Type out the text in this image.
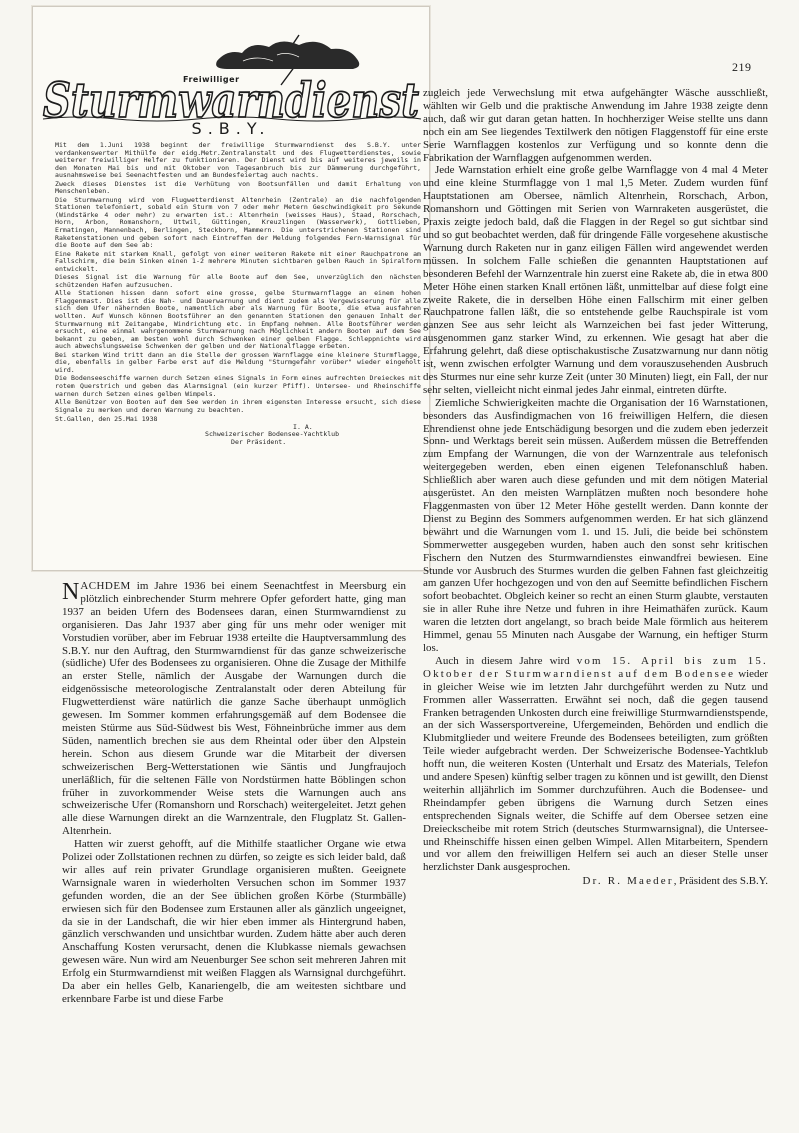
219
Sturmwarndienst
Freiwilliger
S.B.Y.

Mit dem 1.Juni 1938 beginnt der freiwillige Sturmwarndienst des S.B.Y. unter verdankenswerter Mithülfe der eidg.Metr.Zentralanstalt und des Flugwetterdienstes, sowie weiterer freiwilliger Helfer zu funktionieren. Der Dienst wird bis auf weiteres jeweils in den Monaten Mai bis und mit Oktober von Tagesanbruch bis zur Dämmerung durchgeführt, ausnahmsweise bei Seenachtfesten und am Bundesfeiertag auch nachts.

Zweck dieses Dienstes ist die Verhütung von Bootsunfällen und damit Erhaltung von Menschenleben.

Die Sturmwarnung wird vom Flugwetterdienst Altenrhein (Zentrale) an die nachfolgenden Stationen telefoniert, sobald ein Sturm von 7 oder mehr Metern Geschwindigkeit pro Sekunde (Windstärke 4 oder mehr) zu erwarten ist.: Altenrhein (weisses Haus), Staad, Rorschach, Horn, Arbon, Romanshorn, Uttwil, Güttingen, Kreuzlingen (Wasserwerk), Gottlieben, Ermatingen, Mannenbach, Berlingen, Steckborn, Mammern. Die unterstrichenen Stationen sind Raketenstationen und geben sofort nach Eintreffen der Meldung folgendes Fern-Warnsignal für die Boote auf dem See ab:

Eine Rakete mit starkem Knall, gefolgt von einer weiteren Rakete mit einer Rauchpatrone am Fallschirm, die beim Sinken einen 1-2 mehrere Minuten sichtbaren gelben Rauch in Spiralform entwickelt.

Dieses Signal ist die Warnung für alle Boote auf dem See, unverzüglich den nächsten schützenden Hafen aufzusuchen.

Alle Stationen hissen dann sofort eine grosse, gelbe Sturmwarnflagge an einem hohen Flaggenmast. Dies ist die Nah- und Dauerwarnung und dient zudem als Vergewisserung für alle sich dem Ufer nähernden Boote, namentlich aber als Warnung für Boote, die etwa ausfahren wollten. Auf Wunsch können Bootsführer an den genannten Stationen den genauen Inhalt der Sturmwarnung mit Zeitangabe, Windrichtung etc. in Empfang nehmen. Alle Bootsführer werden ersucht, eine einmal wahrgenommene Sturmwarnung nach Möglichkeit andern Booten auf dem See bekannt zu geben, am besten wohl durch Schwenken einer gelben Flagge. Schleppnichte wird auch abwechslungsweise Schwenken der gelben und der Nationalflagge erbeten.

Bei starkem Wind tritt dann an die Stelle der grossen Warnflagge eine kleinere Sturmflagge, die, ebenfalls in gelber Farbe erst auf die Meldung "Sturmgefahr vorüber" wieder eingeholt wird.

Die Bodenseeschiffe warnen durch Setzen eines Signals in Form eines aufrechten Dreieckes mit rotem Querstrich und geben das Alarmsignal (ein kurzer Pfiff). Untersee- und Rheinschiffe warnen durch Setzen eines gelben Wimpels.

Alle Benützer von Booten auf dem See werden in ihrem eigensten Interesse ersucht, sich diese Signale zu merken und deren Warnung zu beachten.

St.Gallen, den 25.Mai 1938
I. A.
Schweizerischer Bodensee-Yachtklub
Der Präsident.

NACHDEM im Jahre 1936 bei einem Seenachtfest in Meersburg ein plötzlich einbrechender Sturm mehrere Opfer gefordert hatte, ging man 1937 an beiden Ufern des Bodensees daran, einen Sturmwarndienst zu organisieren. Das Jahr 1937 aber ging für uns mehr oder weniger mit Vorstudien vorüber, aber im Februar 1938 erteilte die Hauptversammlung des S.B.Y. nur den Auftrag, den Sturmwarndienst für das ganze schweizerische (südliche) Ufer des Bodensees zu organisieren. Ohne die Zusage der Mithilfe an erster Stelle, nämlich der Ausgabe der Warnungen durch die eidgenössische meteorologische Zentralanstalt oder deren Abteilung für Flugwetterdienst wäre natürlich die ganze Sache überhaupt unmöglich gewesen. Im Sommer kommen erfahrungsgemäß auf dem Bodensee die meisten Stürme aus Süd-Südwest bis West, Föhneinbrüche immer aus dem Süden, namentlich brechen sie aus dem Rheintal oder über den Alpstein herein. Schon aus diesem Grunde war die Mitarbeit der diversen schweizerischen Berg-Wetterstationen wie Säntis und Jungfraujoch unerläßlich, für die seltenen Fälle von Nordstürmen hatte Böblingen schon früher in zuvorkommender Weise stets die Warnungen auch ans schweizerische Ufer (Romanshorn und Rorschach) weitergeleitet. Jetzt gehen alle diese Warnungen direkt an die Warnzentrale, den Flugplatz St. Gallen-Altenrhein.

Hatten wir zuerst gehofft, auf die Mithilfe staatlicher Organe wie etwa Polizei oder Zollstationen rechnen zu dürfen, so zeigte es sich leider bald, daß wir alles auf rein privater Grundlage organisieren mußten. Geeignete Warnsignale waren in wiederholten Versuchen schon im Sommer 1937 gefunden worden, die an der See üblichen großen Körbe (Sturmbälle) erwiesen sich für den Bodensee zum Erstaunen aller als gänzlich ungeeignet, da sie in der Landschaft, die wir hier eben immer als Hintergrund haben, gänzlich verschwanden und unsichtbar wurden. Zudem hätte aber auch deren Anschaffung Kosten verursacht, denen die Klubkasse niemals gewachsen gewesen wäre. Nun wird am Neuenburger See schon seit mehreren Jahren mit Erfolg ein Sturmwarndienst mit weißen Flaggen als Warnsignal durchgeführt. Da aber ein helles Gelb, Kanariengelb, die am weitesten sichtbare und erkennbare Farbe ist und diese Farbe

zugleich jede Verwechslung mit etwa aufgehängter Wäsche ausschließt, wählten wir Gelb und die praktische Anwendung im Jahre 1938 zeigte denn auch, daß wir gut daran getan hatten. In hochherziger Weise stellte uns dann noch ein am See liegendes Textilwerk den nötigen Flaggenstoff für eine erste Serie Warnflaggen kostenlos zur Verfügung und so konnte denn die Fabrikation der Warnflaggen aufgenommen werden.

Jede Warnstation erhielt eine große gelbe Warnflagge von 4 mal 4 Meter und eine kleine Sturmflagge von 1 mal 1,5 Meter. Zudem wurden fünf Hauptstationen am Obersee, nämlich Altenrhein, Rorschach, Arbon, Romanshorn und Göttingen mit Serien von Warnraketen ausgerüstet, die Praxis zeigte jedoch bald, daß die Flaggen in der Regel so gut sichtbar sind und so gut beobachtet werden, daß für dringende Fälle vorgesehene akustische Warnung durch Raketen nur in ganz eiligen Fällen wird angewendet werden müssen. In solchem Falle schießen die genannten Hauptstationen auf besonderen Befehl der Warnzentrale hin zuerst eine Rakete ab, die in etwa 800 Meter Höhe einen starken Knall ertönen läßt, unmittelbar auf diese folgt eine zweite Rakete, die in derselben Höhe einen Fallschirm mit einer gelben Rauchpatrone fallen läßt, die so entstehende gelbe Rauchspirale ist vom ganzen See aus sehr leicht als Warnzeichen bei fast jeder Witterung, ausgenommen ganz starker Wind, zu erkennen. Wie gesagt hat aber die Erfahrung gelehrt, daß diese optischakustische Zusatzwarnung nur dann nötig ist, wenn zwischen erfolgter Warnung und dem vorauszusehenden Ausbruch des Sturmes nur eine sehr kurze Zeit (unter 30 Minuten) liegt, ein Fall, der nur sehr selten, vielleicht nicht einmal jedes Jahr einmal, eintreten dürfte.

Ziemliche Schwierigkeiten machte die Organisation der 16 Warnstationen, besonders das Ausfindigmachen von 16 freiwilligen Helfern, die diesen Ehrendienst ohne jede Entschädigung besorgen und die zudem eben jederzeit Sonn- und Werktags bereit sein müssen. Außerdem müssen die Betreffenden zum Empfang der Warnungen, die von der Warnzentrale aus telefonisch weitergegeben werden, eben einen eigenen Telefonanschluß haben. Schließlich aber waren auch diese gefunden und mit dem nötigen Material ausgerüstet. An den meisten Warnplätzen mußten noch besondere hohe Flaggenmasten von über 12 Meter Höhe gestellt werden. Dann konnte der Dienst zu Beginn des Sommers aufgenommen werden. Er hat sich glänzend bewährt und die Warnungen vom 1. und 15. Juli, die beide bei schönstem Sommerwetter ausgegeben wurden, haben auch den sonst sehr kritischen Fischern den Nutzen des Sturmwarndienstes einwandfrei bewiesen. Eine Stunde vor Ausbruch des Sturmes wurden die gelben Fahnen fast gleichzeitig am ganzen Ufer hochgezogen und von den auf Seemitte befindlichen Fischern sofort beobachtet. Obgleich keiner so recht an einen Sturm glaubte, verstauten sie in aller Ruhe ihre Netze und fuhren in ihre Heimathäfen zurück. Kaum waren die letzten dort angelangt, so brach beide Male förmlich aus heiterem Himmel, genau 55 Minuten nach Ausgabe der Warnung, ein heftiger Sturm los.

Auch in diesem Jahre wird vom 15. April bis zum 15. Oktober der Sturmwarndienst auf dem Bodensee wieder in gleicher Weise wie im letzten Jahr durchgeführt werden zu Nutz und Frommen aller Wasserratten. Erwähnt sei noch, daß die gegen tausend Franken betragenden Unkosten durch eine freiwillige Sturmwarndienstspende, an der sich Wassersportvereine, Ufergemeinden, Behörden und endlich die Klubmitglieder und weitere Freunde des Bodensees beteiligten, zum größten Teile wieder aufgebracht werden. Der Schweizerische Bodensee-Yachtklub hofft nun, die weiteren Kosten (Unterhalt und Ersatz des Materials, Telefon und andere Spesen) künftig selber tragen zu können und ist gewillt, den Dienst weiterhin alljährlich im Sommer durchzuführen. Auch die Bodensee- und Rheindampfer geben übrigens die Warnung durch Setzen eines entsprechenden Signals weiter, die Schiffe auf dem Obersee setzen eine Dreieckscheibe mit rotem Strich (deutsches Sturmwarnsignal), die Untersee- und Rheinschiffe hissen einen gelben Wimpel. Allen Mitarbeitern, Spendern und vor allem den freiwilligen Helfern sei auch an dieser Stelle unser herzlichster Dank ausgesprochen.

Dr. R. Maeder, Präsident des S.B.Y.
